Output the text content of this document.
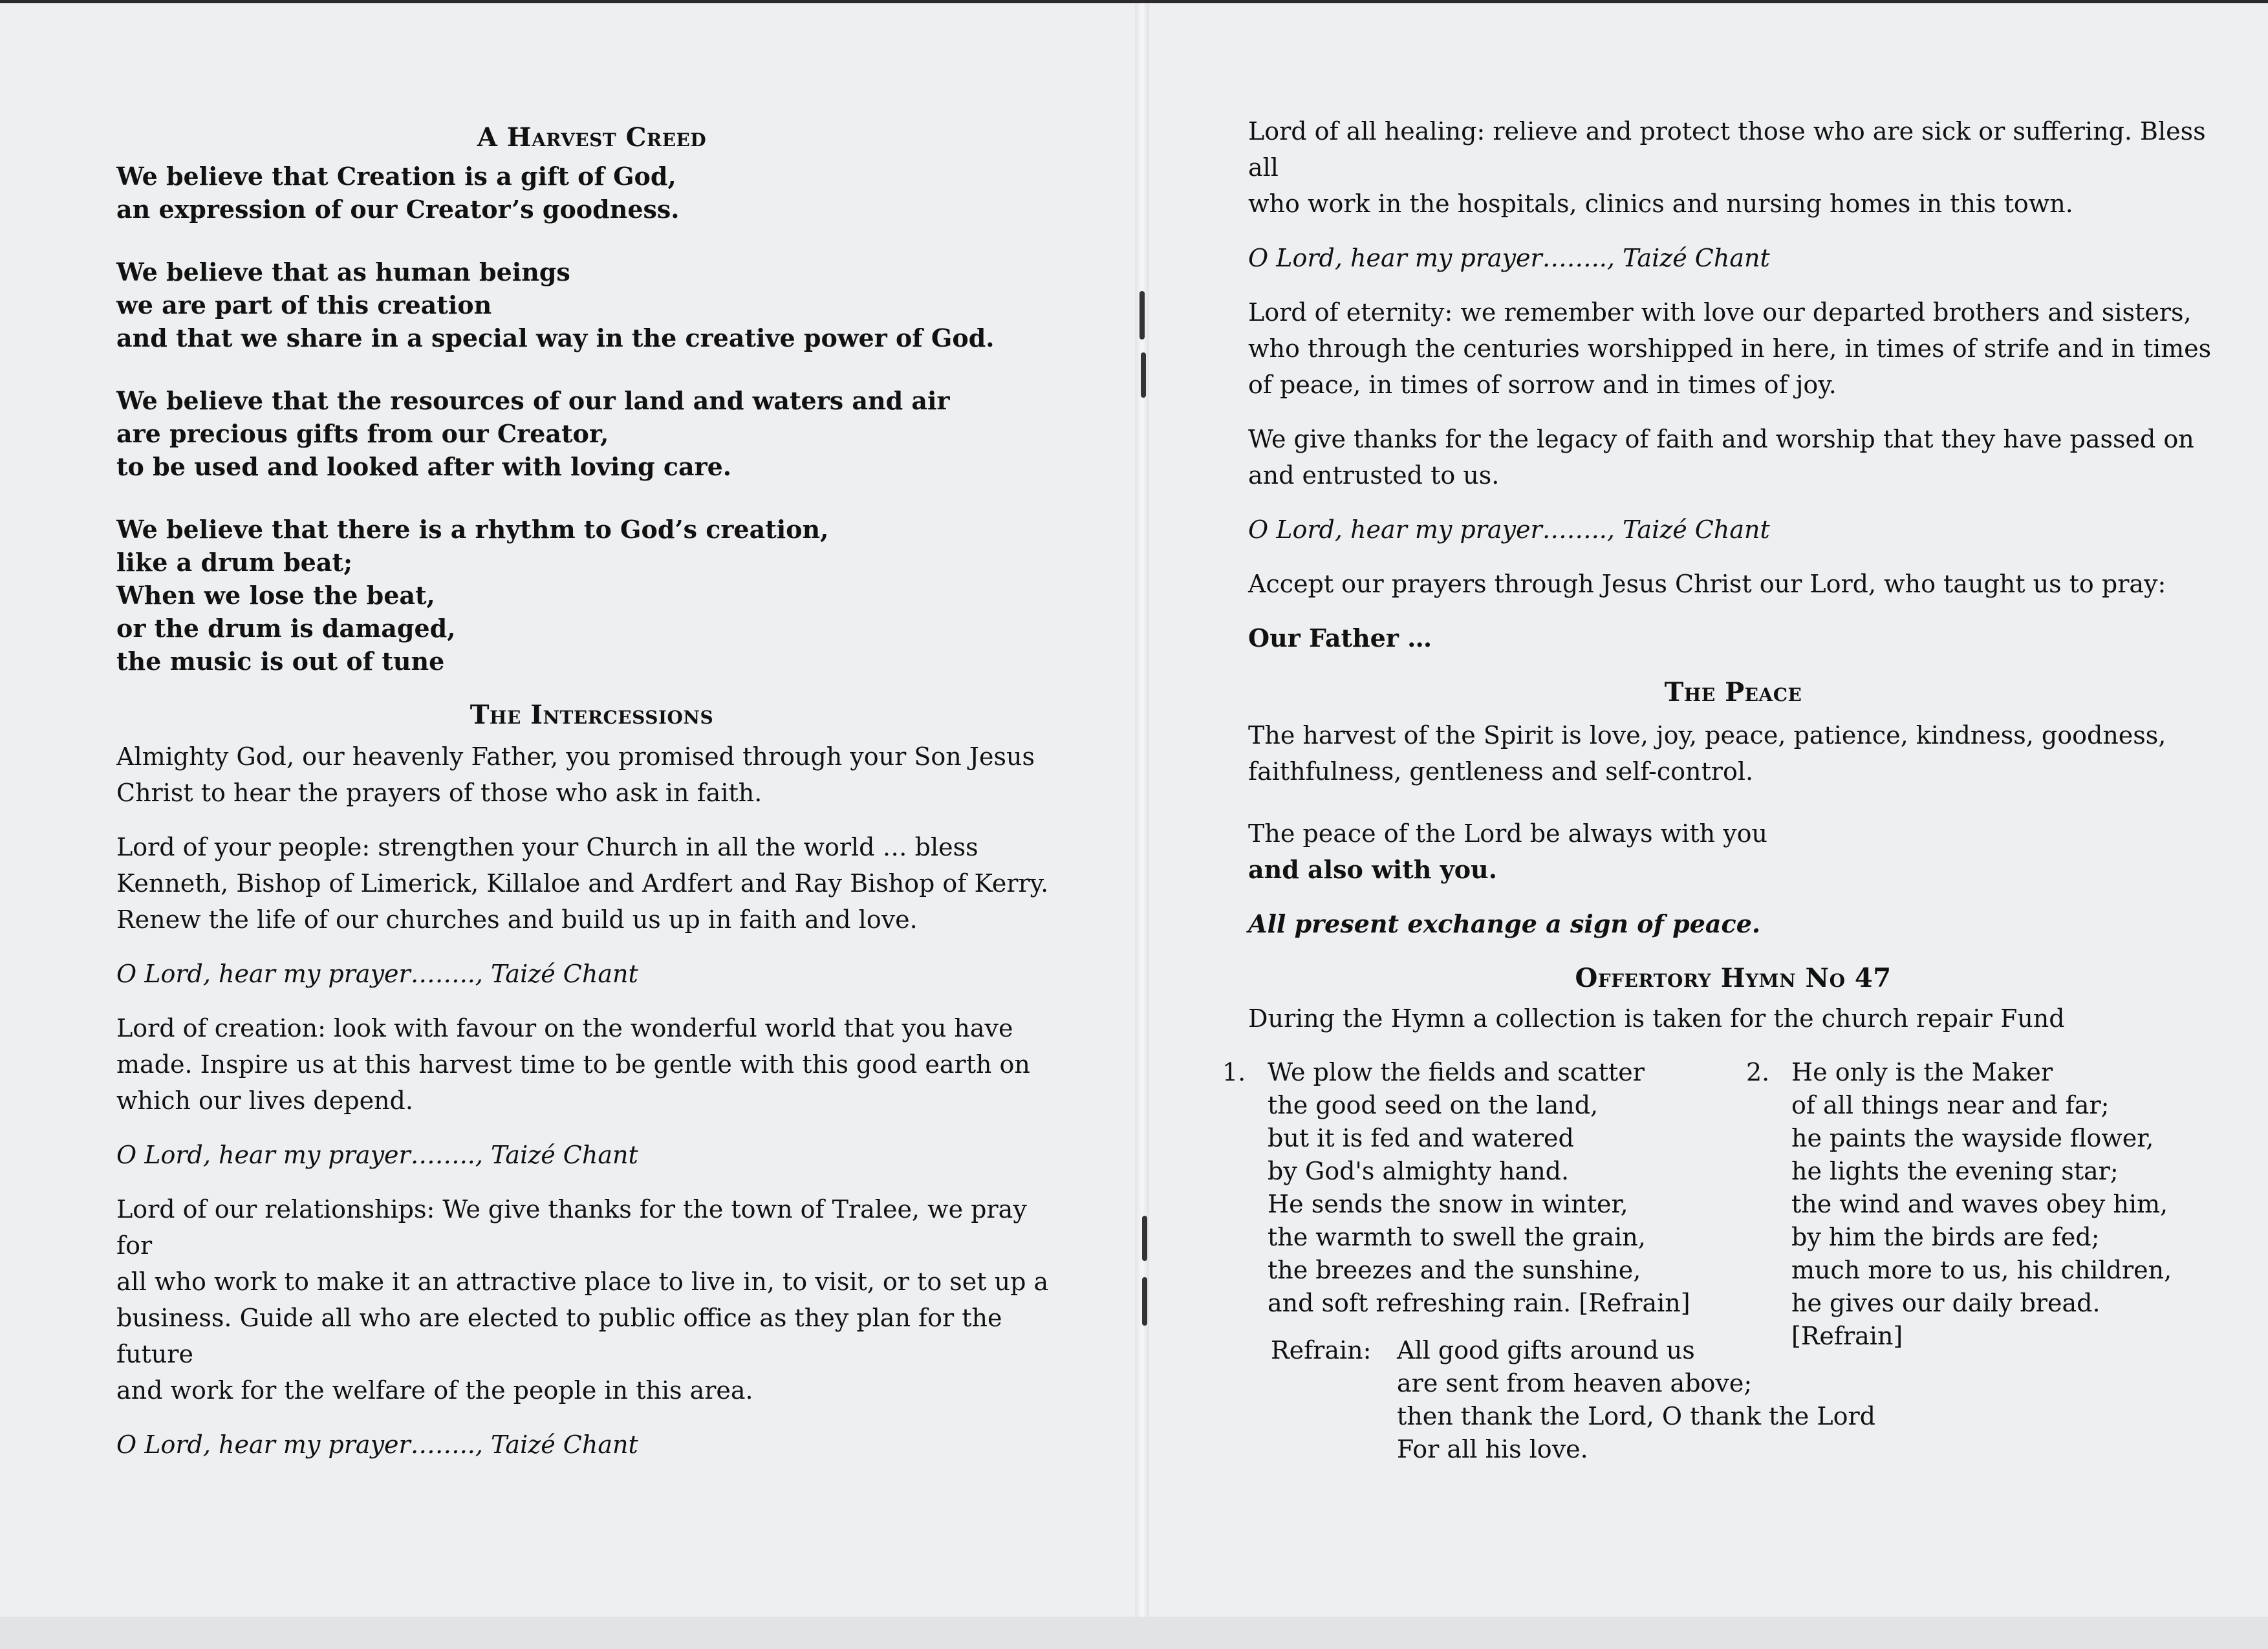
A Harvest Creed

We believe that Creation is a gift of God,
an expression of our Creator’s goodness.

We believe that as human beings
we are part of this creation
and that we share in a special way in the creative power of God.

We believe that the resources of our land and waters and air
are precious gifts from our Creator,
to be used and looked after with loving care.

We believe that there is a rhythm to God’s creation,
like a drum beat;
When we lose the beat,
or the drum is damaged,
the music is out of tune

The Intercessions

Almighty God, our heavenly Father, you promised through your Son Jesus
Christ to hear the prayers of those who ask in faith.

Lord of your people: strengthen your Church in all the world … bless
Kenneth, Bishop of Limerick, Killaloe and Ardfert and Ray Bishop of Kerry.
Renew the life of our churches and build us up in faith and love.

O Lord, hear my prayer…….., Taizé Chant

Lord of creation: look with favour on the wonderful world that you have
made. Inspire us at this harvest time to be gentle with this good earth on
which our lives depend.

O Lord, hear my prayer…….., Taizé Chant

Lord of our relationships: We give thanks for the town of Tralee, we pray for
all who work to make it an attractive place to live in, to visit, or to set up a
business. Guide all who are elected to public office as they plan for the future
and work for the welfare of the people in this area.

O Lord, hear my prayer…….., Taizé Chant

Lord of all healing: relieve and protect those who are sick or suffering. Bless all
who work in the hospitals, clinics and nursing homes in this town.

O Lord, hear my prayer…….., Taizé Chant

Lord of eternity: we remember with love our departed brothers and sisters,
who through the centuries worshipped in here, in times of strife and in times
of peace, in times of sorrow and in times of joy.

We give thanks for the legacy of faith and worship that they have passed on
and entrusted to us.

O Lord, hear my prayer…….., Taizé Chant

Accept our prayers through Jesus Christ our Lord, who taught us to pray:

Our Father …

The Peace

The harvest of the Spirit is love, joy, peace, patience, kindness, goodness,
faithfulness, gentleness and self-control.

The peace of the Lord be always with you
and also with you.

All present exchange a sign of peace.

Offertory Hymn No 47

During the Hymn a collection is taken for the church repair Fund

1. We plow the fields and scatter
the good seed on the land,
but it is fed and watered
by God's almighty hand.
He sends the snow in winter,
the warmth to swell the grain,
the breezes and the sunshine,
and soft refreshing rain. [Refrain]
2. He only is the Maker
of all things near and far;
he paints the wayside flower,
he lights the evening star;
the wind and waves obey him,
by him the birds are fed;
much more to us, his children,
he gives our daily bread. [Refrain]
Refrain: All good gifts around us
are sent from heaven above;
then thank the Lord, O thank the Lord
For all his love.
